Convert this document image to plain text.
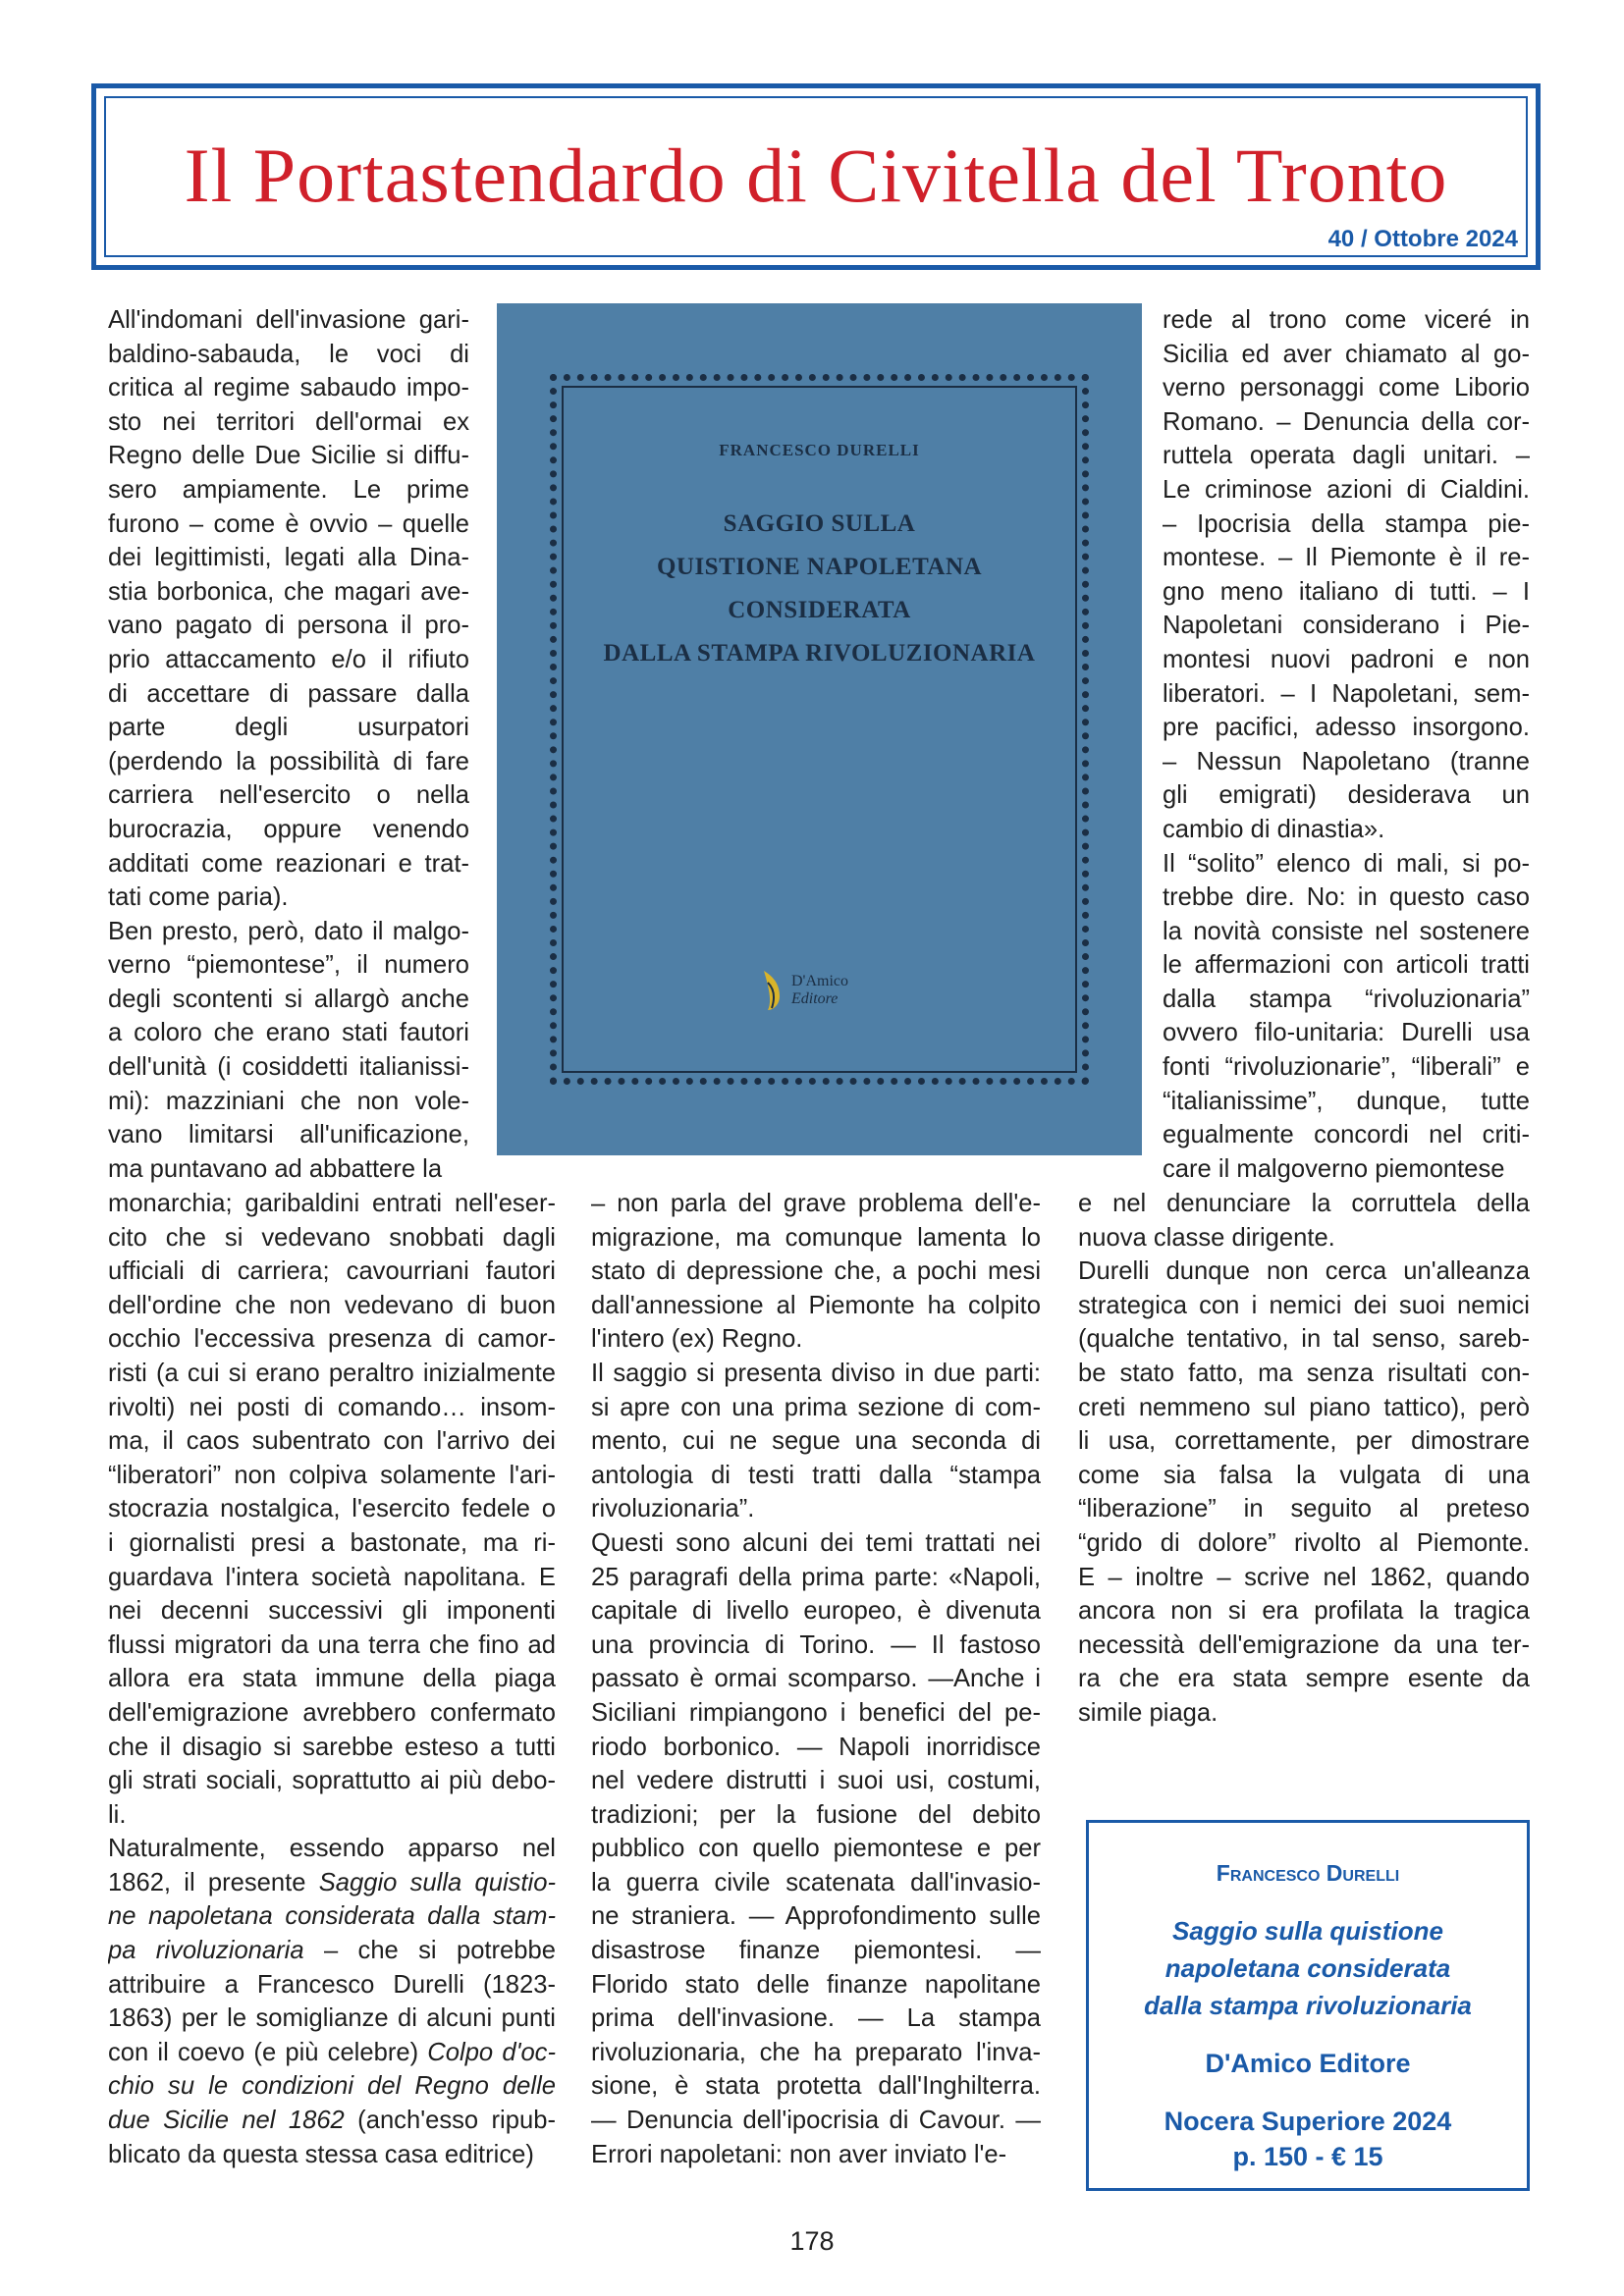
Il Portastendardo di Civitella del Tronto
40 / Ottobre 2024
All'indomani dell'invasione gari-
baldino-sabauda, le voci di
critica al regime sabaudo impo-
sto nei territori dell'ormai ex
Regno delle Due Sicilie si diffu-
sero ampiamente. Le prime
furono – come è ovvio – quelle
dei legittimisti, legati alla Dina-
stia borbonica, che magari ave-
vano pagato di persona il pro-
prio attaccamento e/o il rifiuto
di accettare di passare dalla
parte degli usurpatori
(perdendo la possibilità di fare
carriera nell'esercito o nella
burocrazia, oppure venendo
additati come reazionari e trat-
tati come paria).
Ben presto, però, dato il malgo-
verno “piemontese”, il numero
degli scontenti si allargò anche
a coloro che erano stati fautori
dell'unità (i cosiddetti italianissi-
mi): mazziniani che non vole-
vano limitarsi all'unificazione,
ma puntavano ad abbattere la
FRANCESCO DURELLI
SAGGIO SULLA
QUISTIONE NAPOLETANA
CONSIDERATA
DALLA STAMPA RIVOLUZIONARIA
D'Amico
Editore
rede al trono come viceré in
Sicilia ed aver chiamato al go-
verno personaggi come Liborio
Romano. – Denuncia della cor-
ruttela operata dagli unitari. –
Le criminose azioni di Cialdini.
– Ipocrisia della stampa pie-
montese. – Il Piemonte è il re-
gno meno italiano di tutti. – I
Napoletani considerano i Pie-
montesi nuovi padroni e non
liberatori. – I Napoletani, sem-
pre pacifici, adesso insorgono.
– Nessun Napoletano (tranne
gli emigrati) desiderava un
cambio di dinastia».
Il “solito” elenco di mali, si po-
trebbe dire. No: in questo caso
la novità consiste nel sostenere
le affermazioni con articoli tratti
dalla stampa “rivoluzionaria”
ovvero filo-unitaria: Durelli usa
fonti “rivoluzionarie”, “liberali” e
“italianissime”, dunque, tutte
egualmente concordi nel criti-
care il malgoverno piemontese
monarchia; garibaldini entrati nell'eser-
cito che si vedevano snobbati dagli
ufficiali di carriera; cavourriani fautori
dell'ordine che non vedevano di buon
occhio l'eccessiva presenza di camor-
risti (a cui si erano peraltro inizialmente
rivolti) nei posti di comando… insom-
ma, il caos subentrato con l'arrivo dei
“liberatori” non colpiva solamente l'ari-
stocrazia nostalgica, l'esercito fedele o
i giornalisti presi a bastonate, ma ri-
guardava l'intera società napolitana. E
nei decenni successivi gli imponenti
flussi migratori da una terra che fino ad
allora era stata immune della piaga
dell'emigrazione avrebbero confermato
che il disagio si sarebbe esteso a tutti
gli strati sociali, soprattutto ai più debo-
li.
Naturalmente, essendo apparso nel
1862, il presente Saggio sulla quistio-
ne napoletana considerata dalla stam-
pa rivoluzionaria – che si potrebbe
attribuire a Francesco Durelli (1823-
1863) per le somiglianze di alcuni punti
con il coevo (e più celebre) Colpo d'oc-
chio su le condizioni del Regno delle
due Sicilie nel 1862 (anch'esso ripub-
blicato da questa stessa casa editrice)
– non parla del grave problema dell'e-
migrazione, ma comunque lamenta lo
stato di depressione che, a pochi mesi
dall'annessione al Piemonte ha colpito
l'intero (ex) Regno.
Il saggio si presenta diviso in due parti:
si apre con una prima sezione di com-
mento, cui ne segue una seconda di
antologia di testi tratti dalla “stampa
rivoluzionaria”.
Questi sono alcuni dei temi trattati nei
25 paragrafi della prima parte: «Napoli,
capitale di livello europeo, è divenuta
una provincia di Torino. — Il fastoso
passato è ormai scomparso. —Anche i
Siciliani rimpiangono i benefici del pe-
riodo borbonico. — Napoli inorridisce
nel vedere distrutti i suoi usi, costumi,
tradizioni; per la fusione del debito
pubblico con quello piemontese e per
la guerra civile scatenata dall'invasio-
ne straniera. — Approfondimento sulle
disastrose finanze piemontesi. —
Florido stato delle finanze napolitane
prima dell'invasione. — La stampa
rivoluzionaria, che ha preparato l'inva-
sione, è stata protetta dall'Inghilterra.
— Denuncia dell'ipocrisia di Cavour. —
Errori napoletani: non aver inviato l'e-
e nel denunciare la corruttela della
nuova classe dirigente.
Durelli dunque non cerca un'alleanza
strategica con i nemici dei suoi nemici
(qualche tentativo, in tal senso, sareb-
be stato fatto, ma senza risultati con-
creti nemmeno sul piano tattico), però
li usa, correttamente, per dimostrare
come sia falsa la vulgata di una
“liberazione” in seguito al preteso
“grido di dolore” rivolto al Piemonte.
E – inoltre – scrive nel 1862, quando
ancora non si era profilata la tragica
necessità dell'emigrazione da una ter-
ra che era stata sempre esente da
simile piaga.
Francesco Durelli
Saggio sulla quistione
napoletana considerata
dalla stampa rivoluzionaria
D'Amico Editore
Nocera Superiore 2024
p. 150 - € 15
178
